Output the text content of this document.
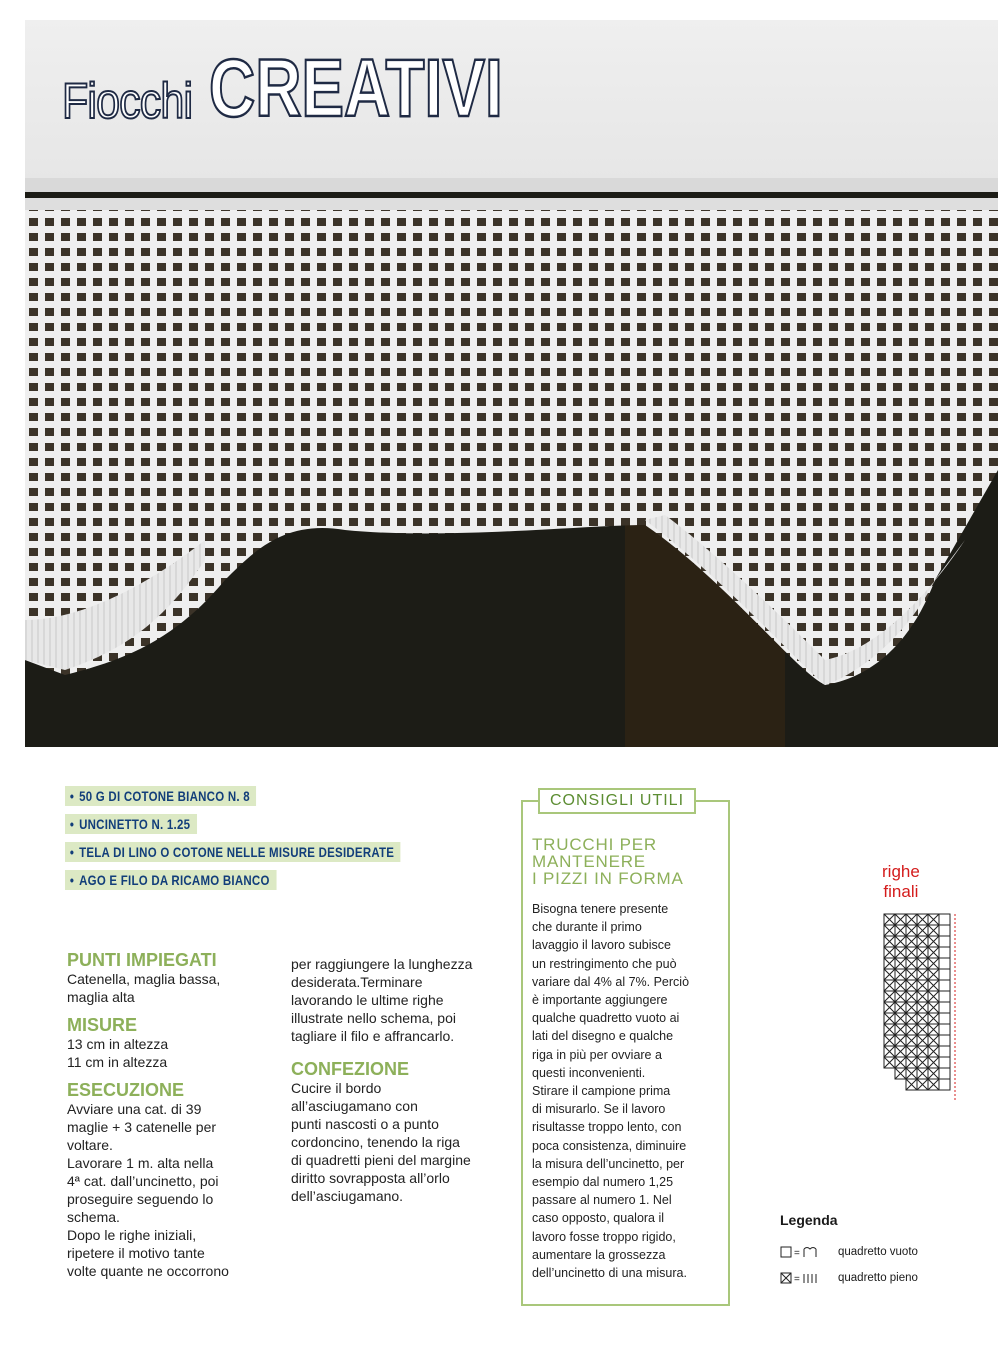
Fiocchi CREATIVI
• 50 G DI COTONE BIANCO N. 8
• UNCINETTO N. 1.25
• TELA DI LINO O COTONE NELLE MISURE DESIDERATE
• AGO E FILO DA RICAMO BIANCO
PUNTI IMPIEGATI

Catenella, maglia bassa,

maglia alta

MISURE

13 cm in altezza

11 cm in altezza

ESECUZIONE

Avviare una cat. di 39

maglie + 3 catenelle per

voltare.

Lavorare 1 m. alta nella

4ª cat. dall’uncinetto, poi

proseguire seguendo lo

schema.

Dopo le righe iniziali,

ripetere il motivo tante

volte quante ne occorrono

per raggiungere la lunghezza

desiderata.Terminare

lavorando le ultime righe

illustrate nello schema, poi

tagliare il filo e affrancarlo.

CONFEZIONE

Cucire il bordo

all’asciugamano con

punti nascosti o a punto

cordoncino, tenendo la riga

di quadretti pieni del margine

diritto sovrapposta all’orlo

dell’asciugamano.

CONSIGLI UTILI
TRUCCHI PER
MANTENERE
I PIZZI IN FORMA
Bisogna tenere presente
che durante il primo
lavaggio il lavoro subisce
un restringimento che può
variare dal 4% al 7%. Perciò
è importante aggiungere
qualche quadretto vuoto ai
lati del disegno e qualche
riga in più per ovviare a
questi inconvenienti.
Stirare il campione prima
di misurarlo. Se il lavoro
risultasse troppo lento, con
poca consistenza, diminuire
la misura dell’uncinetto, per
esempio dal numero 1,25
passare al numero 1. Nel
caso opposto, qualora il
lavoro fosse troppo rigido,
aumentare la grossezza
dell’uncinetto di una misura.
righe
finali
Legenda
=	quadretto vuoto
=	quadretto pieno
